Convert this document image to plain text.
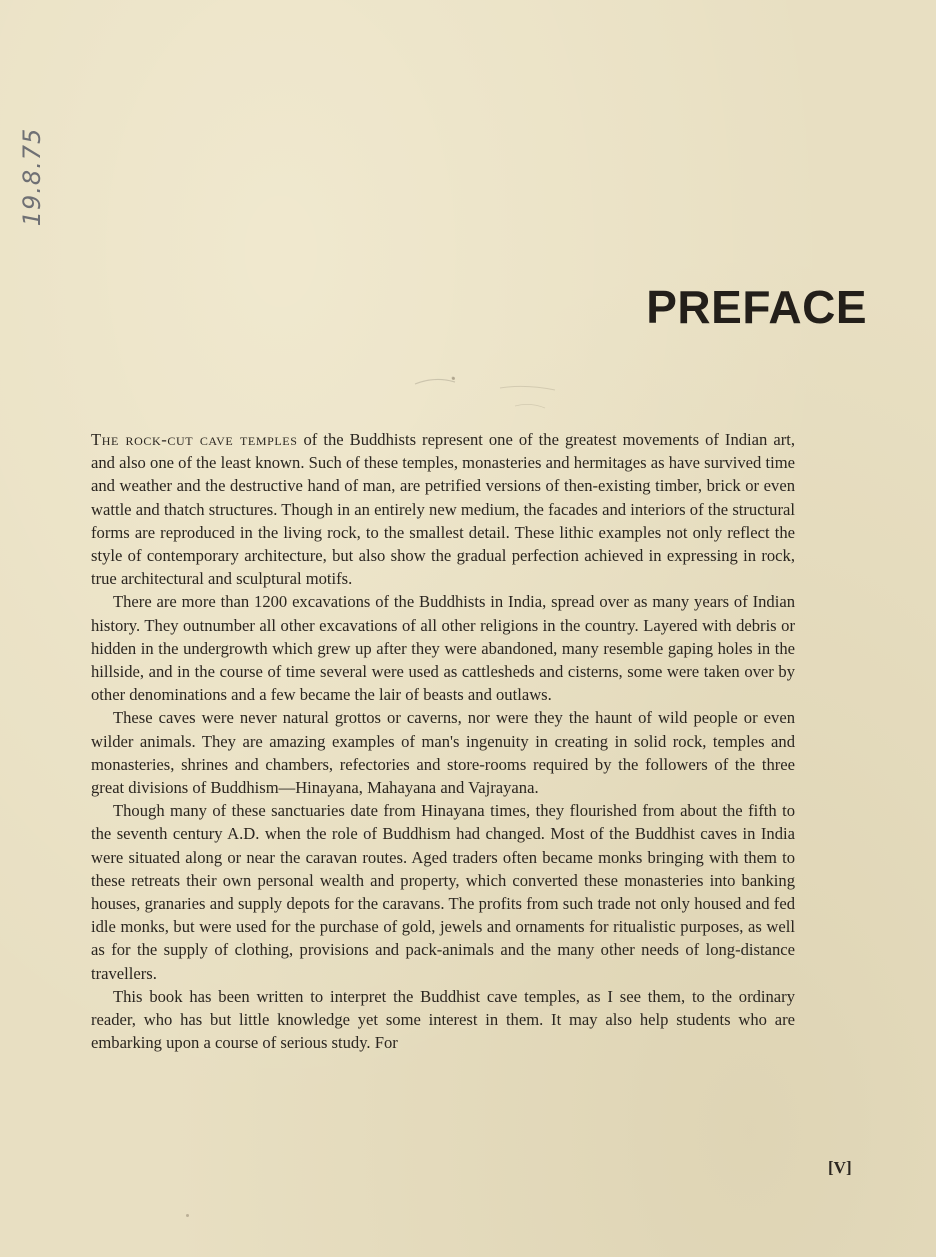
19.8.75
PREFACE

The rock-cut cave temples of the Buddhists represent one of the greatest movements of Indian art, and also one of the least known. Such of these temples, monasteries and hermitages as have survived time and weather and the destructive hand of man, are petrified versions of then-existing timber, brick or even wattle and thatch structures. Though in an entirely new medium, the facades and interiors of the structural forms are reproduced in the living rock, to the smallest detail. These lithic examples not only reflect the style of contemporary architecture, but also show the gradual perfection achieved in expressing in rock, true architectural and sculptural motifs.

There are more than 1200 excavations of the Buddhists in India, spread over as many years of Indian history. They outnumber all other excavations of all other religions in the country. Layered with debris or hidden in the undergrowth which grew up after they were abandoned, many resemble gaping holes in the hillside, and in the course of time several were used as cattlesheds and cisterns, some were taken over by other denominations and a few became the lair of beasts and outlaws.

These caves were never natural grottos or caverns, nor were they the haunt of wild people or even wilder animals. They are amazing examples of man's ingenuity in creating in solid rock, temples and monasteries, shrines and chambers, refectories and store-rooms required by the followers of the three great divisions of Buddhism—Hinayana, Mahayana and Vajrayana.

Though many of these sanctuaries date from Hinayana times, they flourished from about the fifth to the seventh century A.D. when the role of Buddhism had changed. Most of the Buddhist caves in India were situated along or near the caravan routes. Aged traders often became monks bringing with them to these retreats their own personal wealth and property, which converted these monasteries into banking houses, granaries and supply depots for the caravans. The profits from such trade not only housed and fed idle monks, but were used for the purchase of gold, jewels and ornaments for ritualistic purposes, as well as for the supply of clothing, provisions and pack-animals and the many other needs of long-distance travellers.

This book has been written to interpret the Buddhist cave temples, as I see them, to the ordinary reader, who has but little knowledge yet some interest in them. It may also help students who are embarking upon a course of serious study. For

[V]
